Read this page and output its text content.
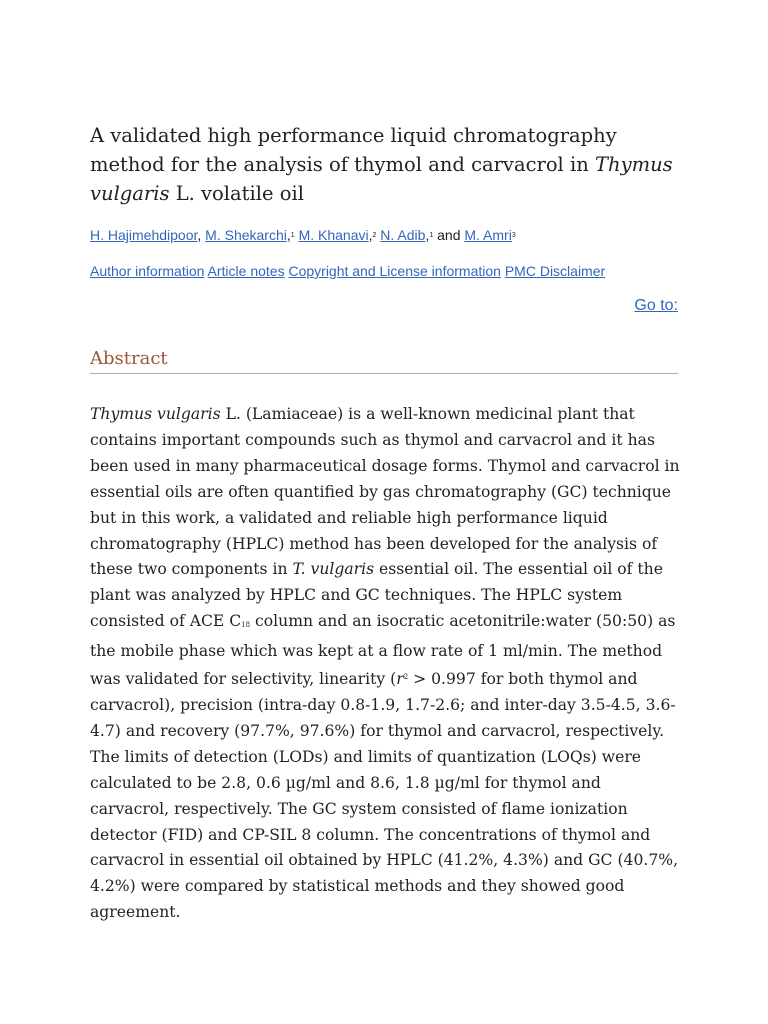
A validated high performance liquid chromatography method for the analysis of thymol and carvacrol in Thymus vulgaris L. volatile oil
H. Hajimehdipoor, M. Shekarchi,$^1$ M. Khanavi,$^2$ N. Adib,$^1$ and M. Amri$^3$
Author information Article notes Copyright and License information PMC Disclaimer
Go to:
Abstract

Thymus vulgaris L. (Lamiaceae) is a well-known medicinal plant that contains important compounds such as thymol and carvacrol and it has been used in many pharmaceutical dosage forms. Thymol and carvacrol in essential oils are often quantified by gas chromatography (GC) technique but in this work, a validated and reliable high performance liquid chromatography (HPLC) method has been developed for the analysis of these two components in T. vulgaris essential oil. The essential oil of the plant was analyzed by HPLC and GC techniques. The HPLC system consisted of ACE $C_{18}$ column and an isocratic acetonitrile:water (50:50) as the mobile phase which was kept at a flow rate of 1 ml/min. The method was validated for selectivity, linearity ($r^2 > 0.997$ for both thymol and carvacrol), precision (intra-day 0.8-1.9, 1.7-2.6; and inter-day 3.5-4.5, 3.6-4.7) and recovery (97.7%, 97.6%) for thymol and carvacrol, respectively. The limits of detection (LODs) and limits of quantization (LOQs) were calculated to be 2.8, 0.6 µg/ml and 8.6, 1.8 µg/ml for thymol and carvacrol, respectively. The GC system consisted of flame ionization detector (FID) and CP-SIL 8 column. The concentrations of thymol and carvacrol in essential oil obtained by HPLC (41.2%, 4.3%) and GC (40.7%, 4.2%) were compared by statistical methods and they showed good agreement.
